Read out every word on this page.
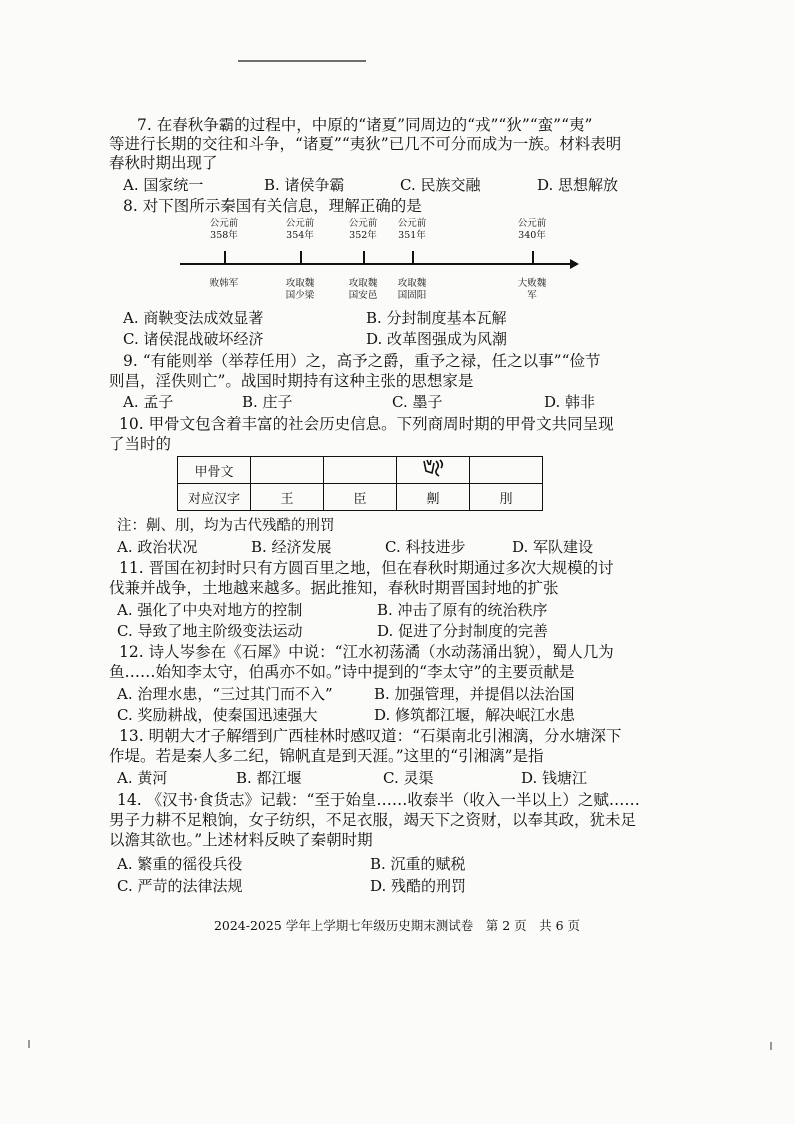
7. 在春秋争霸的过程中，中原的“诸夏”同周边的“戎”“狄”“蛮”“夷”
等进行长期的交往和斗争，“诸夏”“夷狄”已几不可分而成为一族。材料表明
春秋时期出现了
A. 国家统一	B. 诸侯争霸	C. 民族交融	D. 思想解放
8. 对下图所示秦国有关信息，理解正确的是
公元前
358年
败韩军
公元前
354年
攻取魏
国少梁
公元前
352年
攻取魏
国安邑
公元前
351年
攻取魏
国固阳
公元前
340年
大败魏
军
A. 商鞅变法成效显著	B. 分封制度基本瓦解
C. 诸侯混战破坏经济	D. 改革图强成为风潮
9. “有能则举（举荐任用）之，高予之爵，重予之禄，任之以事”“俭节
则昌，淫佚则亡”。战国时期持有这种主张的思想家是
A. 孟子	B. 庄子	C. 墨子	D. 韩非
10. 甲骨文包含着丰富的社会历史信息。下列商周时期的甲骨文共同呈现
了当时的
甲骨文				
对应汉字	王	臣	劓	刖
注：劓、刖，均为古代残酷的刑罚
A. 政治状况	B. 经济发展	C. 科技进步	D. 军队建设
11. 晋国在初封时只有方圆百里之地，但在春秋时期通过多次大规模的讨
伐兼并战争，土地越来越多。据此推知，春秋时期晋国封地的扩张
A. 强化了中央对地方的控制	B. 冲击了原有的统治秩序
C. 导致了地主阶级变法运动	D. 促进了分封制度的完善
12. 诗人岑参在《石犀》中说：“江水初荡潏（水动荡涌出貌），蜀人几为
鱼……始知李太守，伯禹亦不如。”诗中提到的“李太守”的主要贡献是
A. 治理水患，“三过其门而不入”	B. 加强管理，并提倡以法治国
C. 奖励耕战，使秦国迅速强大	D. 修筑都江堰，解决岷江水患
13. 明朝大才子解缙到广西桂林时感叹道：“石渠南北引湘漓，分水塘深下
作堤。若是秦人多二纪，锦帆直是到天涯。”这里的“引湘漓”是指
A. 黄河	B. 都江堰	C. 灵渠	D. 钱塘江
14. 《汉书·食货志》记载：“至于始皇……收泰半（收入一半以上）之赋……
男子力耕不足粮饷，女子纺织，不足衣服，竭天下之资财，以奉其政，犹未足
以澹其欲也。”上述材料反映了秦朝时期
A. 繁重的徭役兵役	B. 沉重的赋税
C. 严苛的法律法规	D. 残酷的刑罚
2024-2025 学年上学期七年级历史期末测试卷　第 2 页　共 6 页
